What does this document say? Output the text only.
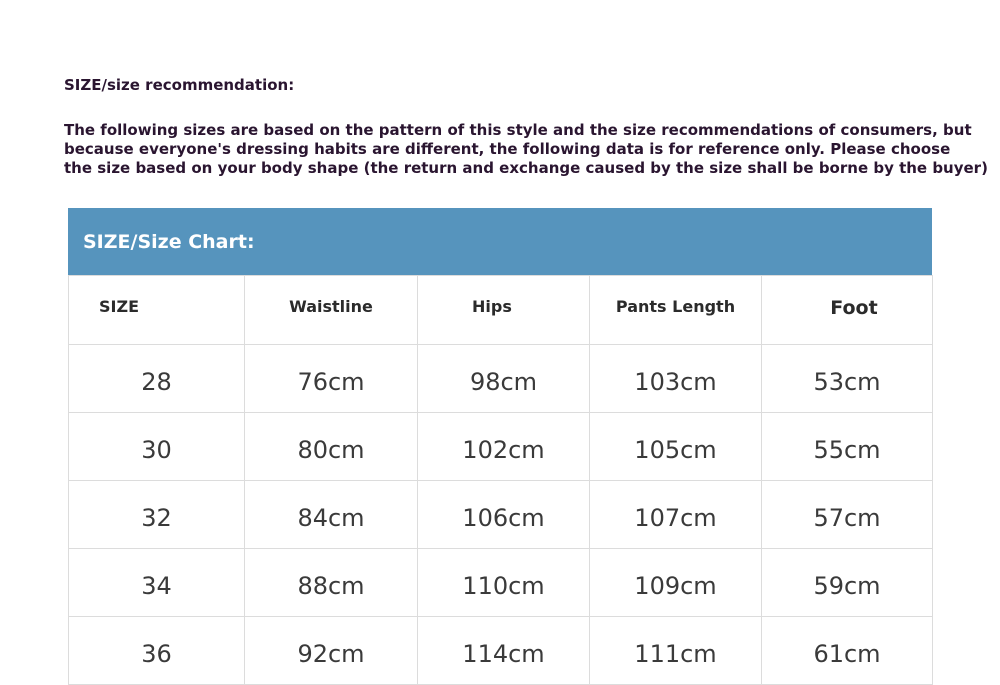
SIZE/size recommendation:

The following sizes are based on the pattern of this style and the size recommendations of consumers, but
because everyone's dressing habits are different, the following data is for reference only. Please choose
the size based on your body shape (the return and exchange caused by the size shall be borne by the buyer)
SIZE/Size Chart:
SIZE	Waistline	Hips	Pants Length	Foot
28	76cm	98cm	103cm	53cm
30	80cm	102cm	105cm	55cm
32	84cm	106cm	107cm	57cm
34	88cm	110cm	109cm	59cm
36	92cm	114cm	111cm	61cm
